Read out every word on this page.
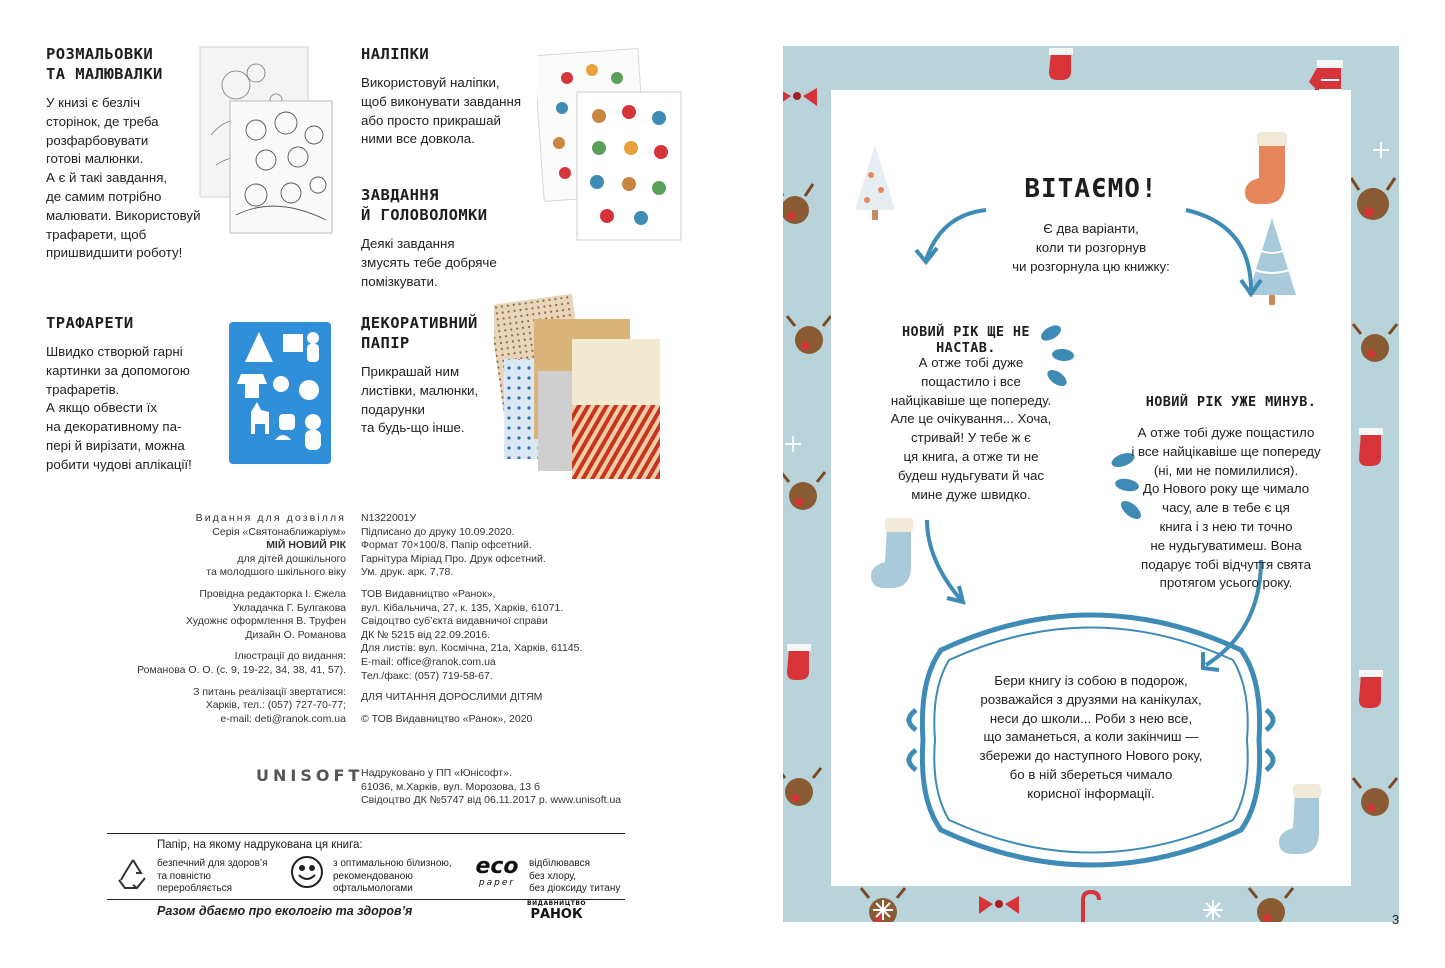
РОЗМАЛЬОВКИ
ТА МАЛЮВАЛКИ

У книзі є безліч
сторінок, де треба
розфарбовувати
готові малюнки.
А є й такі завдання,
де самим потрібно
малювати. Використовуй
трафарети, щоб
пришвидшити роботу!

НАЛІПКИ

Використовуй наліпки,
щоб виконувати завдання
або просто прикрашай
ними все довкола.

ЗАВДАННЯ
Й ГОЛОВОЛОМКИ

Деякі завдання
змусять тебе добряче
помізкувати.

ТРАФАРЕТИ

Швидко створюй гарні
картинки за допомогою
трафаретів.
А якщо обвести їх
на декоративному па-
пері й вирізати, можна
робити чудові аплікації!

ДЕКОРАТИВНИЙ
ПАПІР

Прикрашай ним
листівки, малюнки,
подарунки
та будь-що інше.

Видання для дозвілля
Серія «Святонаближаріум»
МІЙ НОВИЙ РІК
для дітей дошкільного
та молодшого шкільного віку
Провідна редакторка І. Єжела
Укладачка Г. Булгакова
Художнє оформлення В. Труфен
Дизайн О. Романова
Ілюстрації до видання:
Романова О. О. (с. 9, 19-22, 34, 38, 41, 57).
З питань реалізації звертатися:
Харків, тел.: (057) 727-70-77;
e-mail: deti@ranok.com.ua
N1322001У
Підписано до друку 10.09.2020.
Формат 70×100/8. Папір офсетний.
Гарнітура Міріад Про. Друк офсетний.
Ум. друк. арк. 7,78.
ТОВ Видавництво «Ранок»,
вул. Кібальчича, 27, к. 135, Харків, 61071.
Свідоцтво суб’єкта видавничої справи
ДК № 5215 від 22.09.2016.
Для листів: вул. Космічна, 21а, Харків, 61145.
E-mail: office@ranok.com.ua
Тел./факс: (057) 719-58-67.
ДЛЯ ЧИТАННЯ ДОРОСЛИМИ ДІТЯМ
© ТОВ Видавництво «Ранок», 2020
UNISOFT
Надруковано у ПП «Юнісофт».
61036, м.Харків, вул. Морозова, 13 б
Свідоцтво ДК №5747 від 06.11.2017 р. www.unisoft.ua
Папір, на якому надрукована ця книга:
безпечний для здоров’я
та повністю
переробляється
з оптимальною білизною,
рекомендованою
офтальмологами
eco
paper
відбілювався
без хлору,
без діоксиду титану
Разом дбаємо про екологію та здоров’я
ВИДАВНИЦТВО
РАНОК
ВІТАЄМО!
Є два варіанти,
коли ти розгорнув
чи розгорнула цю книжку:
НОВИЙ РІК ЩЕ НЕ НАСТАВ.
А отже тобі дуже
пощастило і все
найцікавіше ще попереду.
Але це очікування... Хоча,
стривай! У тебе ж є
ця книга, а отже ти не
будеш нудьгувати й час
мине дуже швидко.
НОВИЙ РІК УЖЕ МИНУВ.
А отже тобі дуже пощастило
і все найцікавіше ще попереду
(ні, ми не помилилися).
До Нового року ще чимало
часу, але в тебе є ця
книга і з нею ти точно
не нудьгуватимеш. Вона
подарує тобі відчуття свята
протягом усього року.
Бери книгу із собою в подорож,
розважайся з друзями на канікулах,
неси до школи... Роби з нею все,
що заманеться, а коли закінчиш —
збережи до наступного Нового року,
бо в ній збереться чимало
корисної інформації.
3
